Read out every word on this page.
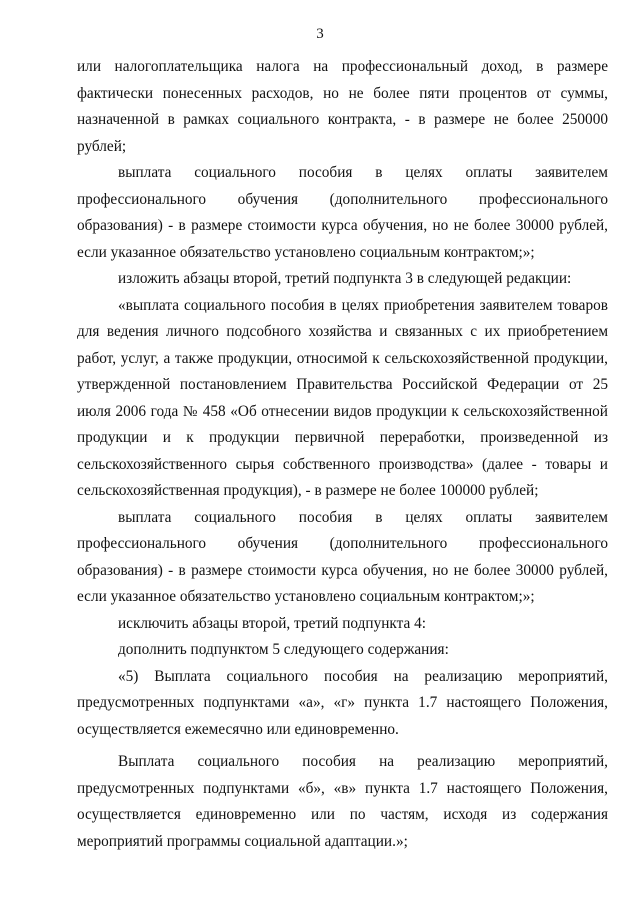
3

или налогоплательщика налога на профессиональный доход, в размере фактически понесенных расходов, но не более пяти процентов от суммы, назначенной в рамках социального контракта, - в размере не более 250000 рублей;

выплата социального пособия в целях оплаты заявителем профессионального обучения (дополнительного профессионального образования) - в размере стоимости курса обучения, но не более 30000 рублей, если указанное обязательство установлено социальным контрактом;»;

изложить абзацы второй, третий подпункта 3 в следующей редакции:

«выплата социального пособия в целях приобретения заявителем товаров для ведения личного подсобного хозяйства и связанных с их приобретением работ, услуг, а также продукции, относимой к сельскохозяйственной продукции, утвержденной постановлением Правительства Российской Федерации от 25 июля 2006 года № 458 «Об отнесении видов продукции к сельскохозяйственной продукции и к продукции первичной переработки, произведенной из сельскохозяйственного сырья собственного производства» (далее - товары и сельскохозяйственная продукция), - в размере не более 100000 рублей;

выплата социального пособия в целях оплаты заявителем профессионального обучения (дополнительного профессионального образования) - в размере стоимости курса обучения, но не более 30000 рублей, если указанное обязательство установлено социальным контрактом;»;

исключить абзацы второй, третий подпункта 4:

дополнить подпунктом 5 следующего содержания:

«5) Выплата социального пособия на реализацию мероприятий, предусмотренных подпунктами «а», «г» пункта 1.7 настоящего Положения, осуществляется ежемесячно или единовременно.

Выплата социального пособия на реализацию мероприятий, предусмотренных подпунктами «б», «в» пункта 1.7 настоящего Положения, осуществляется единовременно или по частям, исходя из содержания мероприятий программы социальной адаптации.»;
